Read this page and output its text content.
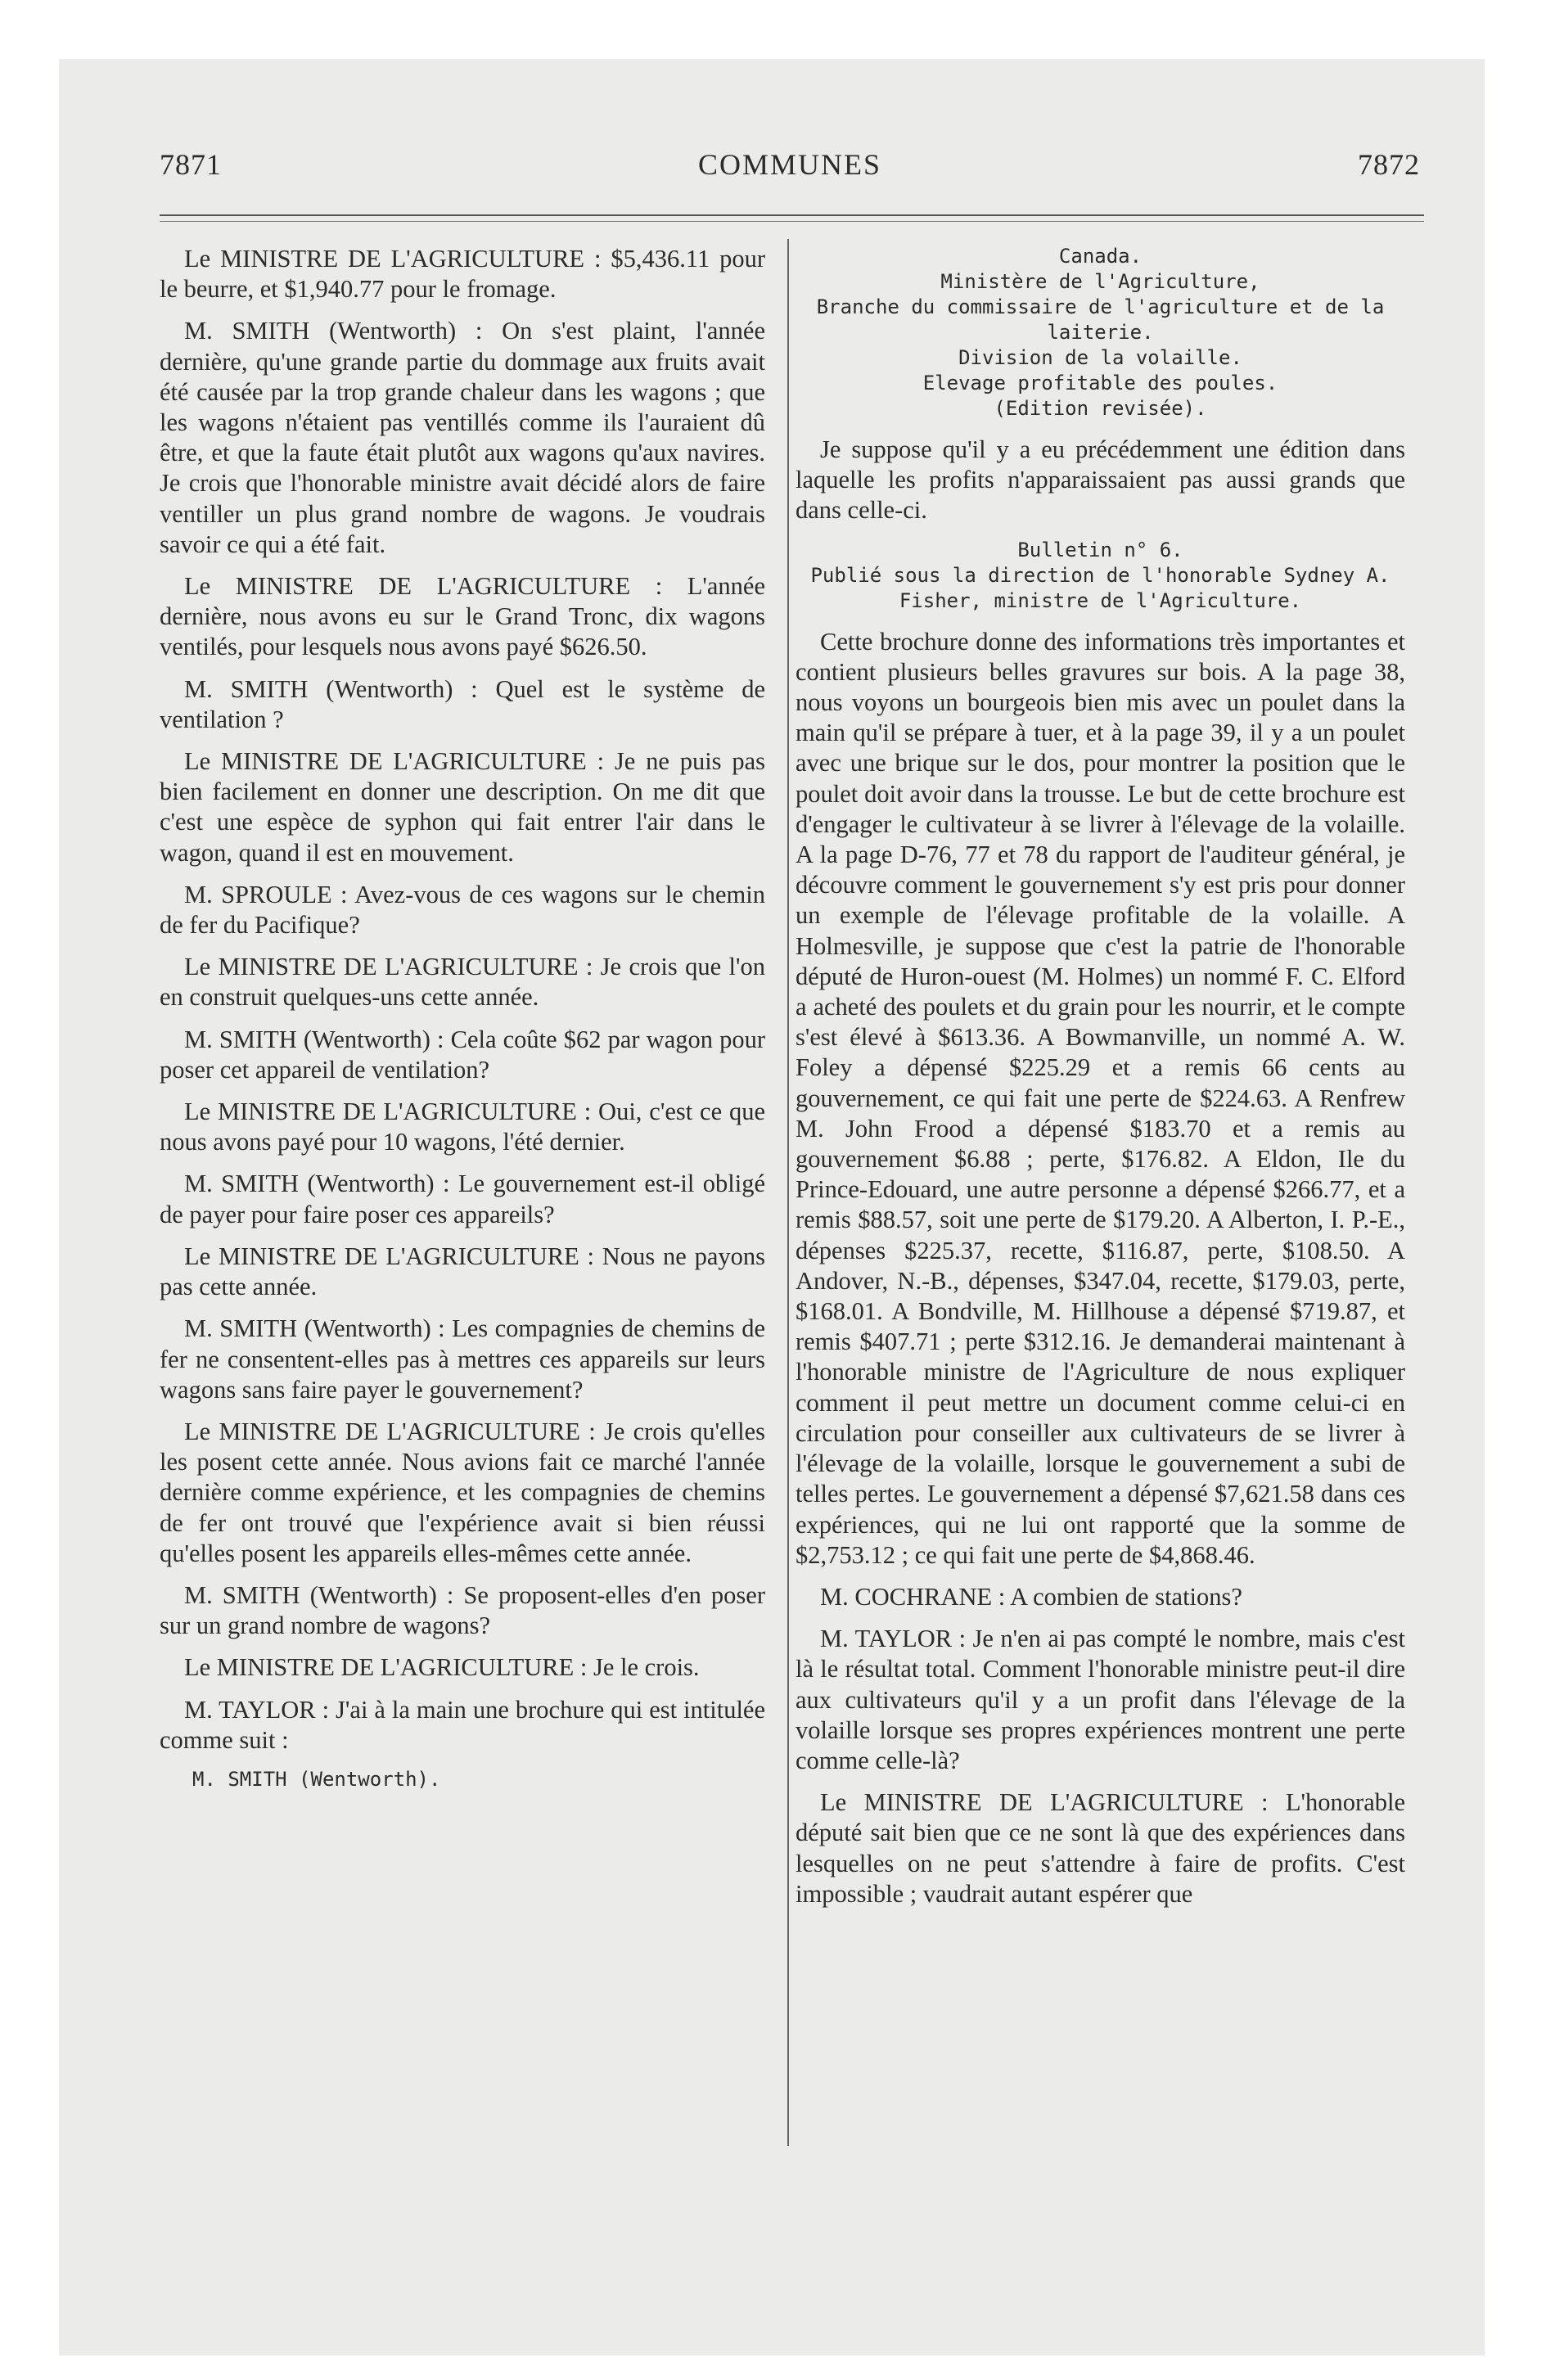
COMMUNES
7871	7872

Le MINISTRE DE L'AGRICULTURE : $5,436.11 pour le beurre, et $1,940.77 pour le fromage.

M. SMITH (Wentworth) : On s'est plaint, l'année dernière, qu'une grande partie du dommage aux fruits avait été causée par la trop grande chaleur dans les wagons ; que les wagons n'étaient pas ventillés comme ils l'auraient dû être, et que la faute était plutôt aux wagons qu'aux navires. Je crois que l'honorable ministre avait décidé alors de faire ventiller un plus grand nombre de wagons. Je voudrais savoir ce qui a été fait.

Le MINISTRE DE L'AGRICULTURE : L'année dernière, nous avons eu sur le Grand Tronc, dix wagons ventilés, pour lesquels nous avons payé $626.50.

M. SMITH (Wentworth) : Quel est le système de ventilation ?

Le MINISTRE DE L'AGRICULTURE : Je ne puis pas bien facilement en donner une description. On me dit que c'est une espèce de syphon qui fait entrer l'air dans le wagon, quand il est en mouvement.

M. SPROULE : Avez-vous de ces wagons sur le chemin de fer du Pacifique?

Le MINISTRE DE L'AGRICULTURE : Je crois que l'on en construit quelques-uns cette année.

M. SMITH (Wentworth) : Cela coûte $62 par wagon pour poser cet appareil de ventilation?

Le MINISTRE DE L'AGRICULTURE : Oui, c'est ce que nous avons payé pour 10 wagons, l'été dernier.

M. SMITH (Wentworth) : Le gouvernement est-il obligé de payer pour faire poser ces appareils?

Le MINISTRE DE L'AGRICULTURE : Nous ne payons pas cette année.

M. SMITH (Wentworth) : Les compagnies de chemins de fer ne consentent-elles pas à mettres ces appareils sur leurs wagons sans faire payer le gouvernement?

Le MINISTRE DE L'AGRICULTURE : Je crois qu'elles les posent cette année. Nous avions fait ce marché l'année dernière comme expérience, et les compagnies de chemins de fer ont trouvé que l'expérience avait si bien réussi qu'elles posent les appareils elles-mêmes cette année.

M. SMITH (Wentworth) : Se proposent-elles d'en poser sur un grand nombre de wagons?

Le MINISTRE DE L'AGRICULTURE : Je le crois.

M. TAYLOR : J'ai à la main une brochure qui est intitulée comme suit :

M. SMITH (Wentworth).

Canada.

Ministère de l'Agriculture,

Branche du commissaire de l'agriculture et de la laiterie.

Division de la volaille.

Elevage profitable des poules.

(Edition revisée).

Je suppose qu'il y a eu précédemment une édition dans laquelle les profits n'apparaissaient pas aussi grands que dans celle-ci.

Bulletin n° 6.

Publié sous la direction de l'honorable Sydney A. Fisher, ministre de l'Agriculture.

Cette brochure donne des informations très importantes et contient plusieurs belles gravures sur bois. A la page 38, nous voyons un bourgeois bien mis avec un poulet dans la main qu'il se prépare à tuer, et à la page 39, il y a un poulet avec une brique sur le dos, pour montrer la position que le poulet doit avoir dans la trousse. Le but de cette brochure est d'engager le cultivateur à se livrer à l'élevage de la volaille. A la page D-76, 77 et 78 du rapport de l'auditeur général, je découvre comment le gouvernement s'y est pris pour donner un exemple de l'élevage profitable de la volaille. A Holmesville, je suppose que c'est la patrie de l'honorable député de Huron-ouest (M. Holmes) un nommé F. C. Elford a acheté des poulets et du grain pour les nourrir, et le compte s'est élevé à $613.36. A Bowmanville, un nommé A. W. Foley a dépensé $225.29 et a remis 66 cents au gouvernement, ce qui fait une perte de $224.63. A Renfrew M. John Frood a dépensé $183.70 et a remis au gouvernement $6.88 ; perte, $176.82. A Eldon, Ile du Prince-Edouard, une autre personne a dépensé $266.77, et a remis $88.57, soit une perte de $179.20. A Alberton, I. P.-E., dépenses $225.37, recette, $116.87, perte, $108.50. A Andover, N.-B., dépenses, $347.04, recette, $179.03, perte, $168.01. A Bondville, M. Hillhouse a dépensé $719.87, et remis $407.71 ; perte $312.16. Je demanderai maintenant à l'honorable ministre de l'Agriculture de nous expliquer comment il peut mettre un document comme celui-ci en circulation pour conseiller aux cultivateurs de se livrer à l'élevage de la volaille, lorsque le gouvernement a subi de telles pertes. Le gouvernement a dépensé $7,621.58 dans ces expériences, qui ne lui ont rapporté que la somme de $2,753.12 ; ce qui fait une perte de $4,868.46.

M. COCHRANE : A combien de stations?

M. TAYLOR : Je n'en ai pas compté le nombre, mais c'est là le résultat total. Comment l'honorable ministre peut-il dire aux cultivateurs qu'il y a un profit dans l'élevage de la volaille lorsque ses propres expériences montrent une perte comme celle-là?

Le MINISTRE DE L'AGRICULTURE : L'honorable député sait bien que ce ne sont là que des expériences dans lesquelles on ne peut s'attendre à faire de profits. C'est impossible ; vaudrait autant espérer que
